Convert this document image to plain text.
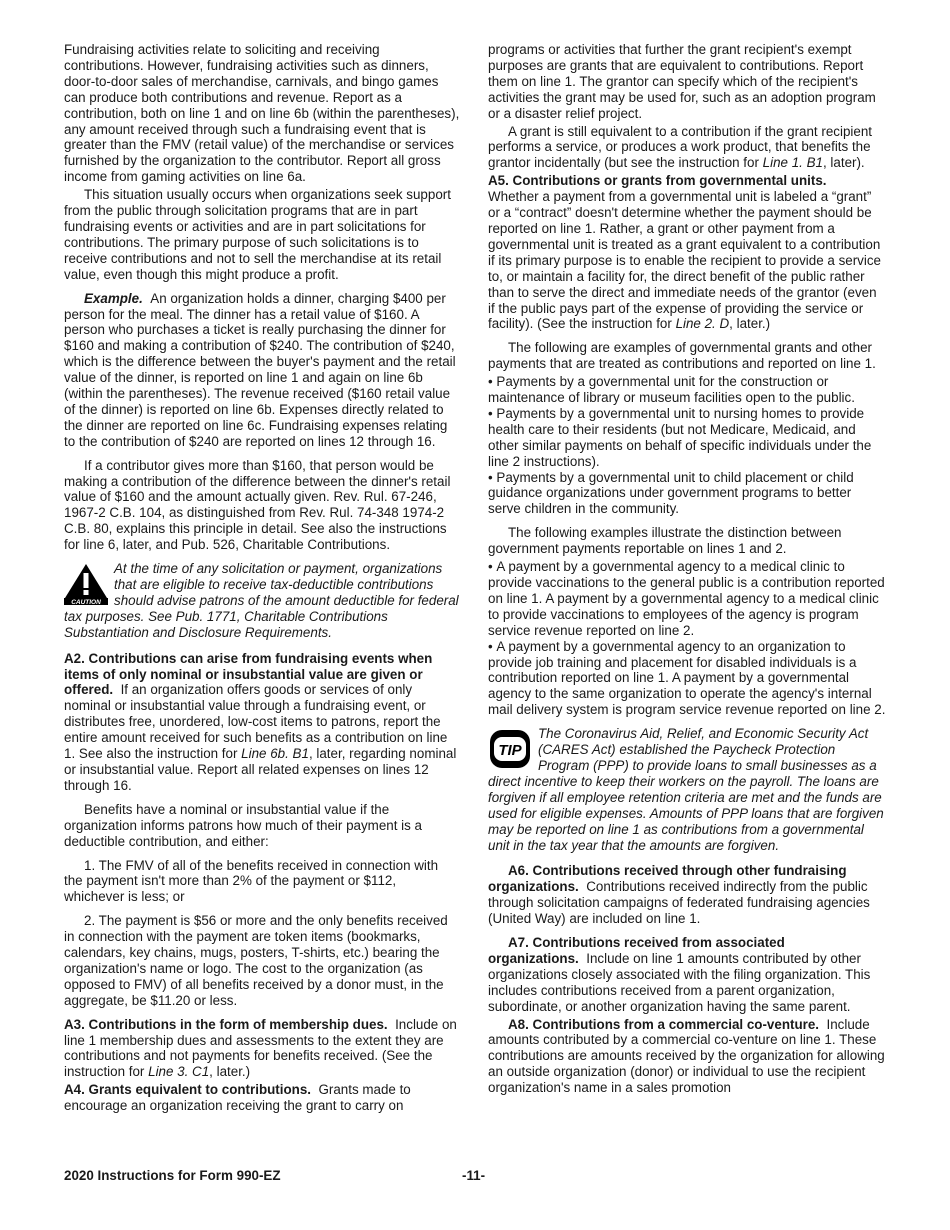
Fundraising activities relate to soliciting and receiving contributions. However, fundraising activities such as dinners, door-to-door sales of merchandise, carnivals, and bingo games can produce both contributions and revenue. Report as a contribution, both on line 1 and on line 6b (within the parentheses), any amount received through such a fundraising event that is greater than the FMV (retail value) of the merchandise or services furnished by the organization to the contributor. Report all gross income from gaming activities on line 6a.

This situation usually occurs when organizations seek support from the public through solicitation programs that are in part fundraising events or activities and are in part solicitations for contributions. The primary purpose of such solicitations is to receive contributions and not to sell the merchandise at its retail value, even though this might produce a profit.

Example. An organization holds a dinner, charging $400 per person for the meal. The dinner has a retail value of $160. A person who purchases a ticket is really purchasing the dinner for $160 and making a contribution of $240. The contribution of $240, which is the difference between the buyer's payment and the retail value of the dinner, is reported on line 1 and again on line 6b (within the parentheses). The revenue received ($160 retail value of the dinner) is reported on line 6b. Expenses directly related to the dinner are reported on line 6c. Fundraising expenses relating to the contribution of $240 are reported on lines 12 through 16.

If a contributor gives more than $160, that person would be making a contribution of the difference between the dinner's retail value of $160 and the amount actually given. Rev. Rul. 67-246, 1967-2 C.B. 104, as distinguished from Rev. Rul. 74-348 1974-2 C.B. 80, explains this principle in detail. See also the instructions for line 6, later, and Pub. 526, Charitable Contributions.

CAUTION
At the time of any solicitation or payment, organizations that are eligible to receive tax-deductible contributions should advise patrons of the amount deductible for federal tax purposes. See Pub. 1771, Charitable Contributions Substantiation and Disclosure Requirements.

A2. Contributions can arise from fundraising events when items of only nominal or insubstantial value are given or offered. If an organization offers goods or services of only nominal or insubstantial value through a fundraising event, or distributes free, unordered, low-cost items to patrons, report the entire amount received for such benefits as a contribution on line 1. See also the instruction for Line 6b. B1, later, regarding nominal or insubstantial value. Report all related expenses on lines 12 through 16.

Benefits have a nominal or insubstantial value if the organization informs patrons how much of their payment is a deductible contribution, and either:

1. The FMV of all of the benefits received in connection with the payment isn't more than 2% of the payment or $112, whichever is less; or

2. The payment is $56 or more and the only benefits received in connection with the payment are token items (bookmarks, calendars, key chains, mugs, posters, T-shirts, etc.) bearing the organization's name or logo. The cost to the organization (as opposed to FMV) of all benefits received by a donor must, in the aggregate, be $11.20 or less.

A3. Contributions in the form of membership dues. Include on line 1 membership dues and assessments to the extent they are contributions and not payments for benefits received. (See the instruction for Line 3. C1, later.)

A4. Grants equivalent to contributions. Grants made to encourage an organization receiving the grant to carry on

programs or activities that further the grant recipient's exempt purposes are grants that are equivalent to contributions. Report them on line 1. The grantor can specify which of the recipient's activities the grant may be used for, such as an adoption program or a disaster relief project.

A grant is still equivalent to a contribution if the grant recipient performs a service, or produces a work product, that benefits the grantor incidentally (but see the instruction for Line 1. B1, later).

A5. Contributions or grants from governmental units.
Whether a payment from a governmental unit is labeled a “grant” or a “contract” doesn't determine whether the payment should be reported on line 1. Rather, a grant or other payment from a governmental unit is treated as a grant equivalent to a contribution if its primary purpose is to enable the recipient to provide a service to, or maintain a facility for, the direct benefit of the public rather than to serve the direct and immediate needs of the grantor (even if the public pays part of the expense of providing the service or facility). (See the instruction for Line 2. D, later.)

The following are examples of governmental grants and other payments that are treated as contributions and reported on line 1.

• Payments by a governmental unit for the construction or maintenance of library or museum facilities open to the public.

• Payments by a governmental unit to nursing homes to provide health care to their residents (but not Medicare, Medicaid, and other similar payments on behalf of specific individuals under the line 2 instructions).

• Payments by a governmental unit to child placement or child guidance organizations under government programs to better serve children in the community.

The following examples illustrate the distinction between government payments reportable on lines 1 and 2.

• A payment by a governmental agency to a medical clinic to provide vaccinations to the general public is a contribution reported on line 1. A payment by a governmental agency to a medical clinic to provide vaccinations to employees of the agency is program service revenue reported on line 2.

• A payment by a governmental agency to an organization to provide job training and placement for disabled individuals is a contribution reported on line 1. A payment by a governmental agency to the same organization to operate the agency's internal mail delivery system is program service revenue reported on line 2.

TIP
The Coronavirus Aid, Relief, and Economic Security Act (CARES Act) established the Paycheck Protection Program (PPP) to provide loans to small businesses as a direct incentive to keep their workers on the payroll. The loans are forgiven if all employee retention criteria are met and the funds are used for eligible expenses. Amounts of PPP loans that are forgiven may be reported on line 1 as contributions from a governmental unit in the tax year that the amounts are forgiven.

A6. Contributions received through other fundraising organizations. Contributions received indirectly from the public through solicitation campaigns of federated fundraising agencies (United Way) are included on line 1.

A7. Contributions received from associated organizations. Include on line 1 amounts contributed by other organizations closely associated with the filing organization. This includes contributions received from a parent organization, subordinate, or another organization having the same parent.

A8. Contributions from a commercial co-venture. Include amounts contributed by a commercial co-venture on line 1. These contributions are amounts received by the organization for allowing an outside organization (donor) or individual to use the recipient organization's name in a sales promotion

2020 Instructions for Form 990-EZ	-11-
